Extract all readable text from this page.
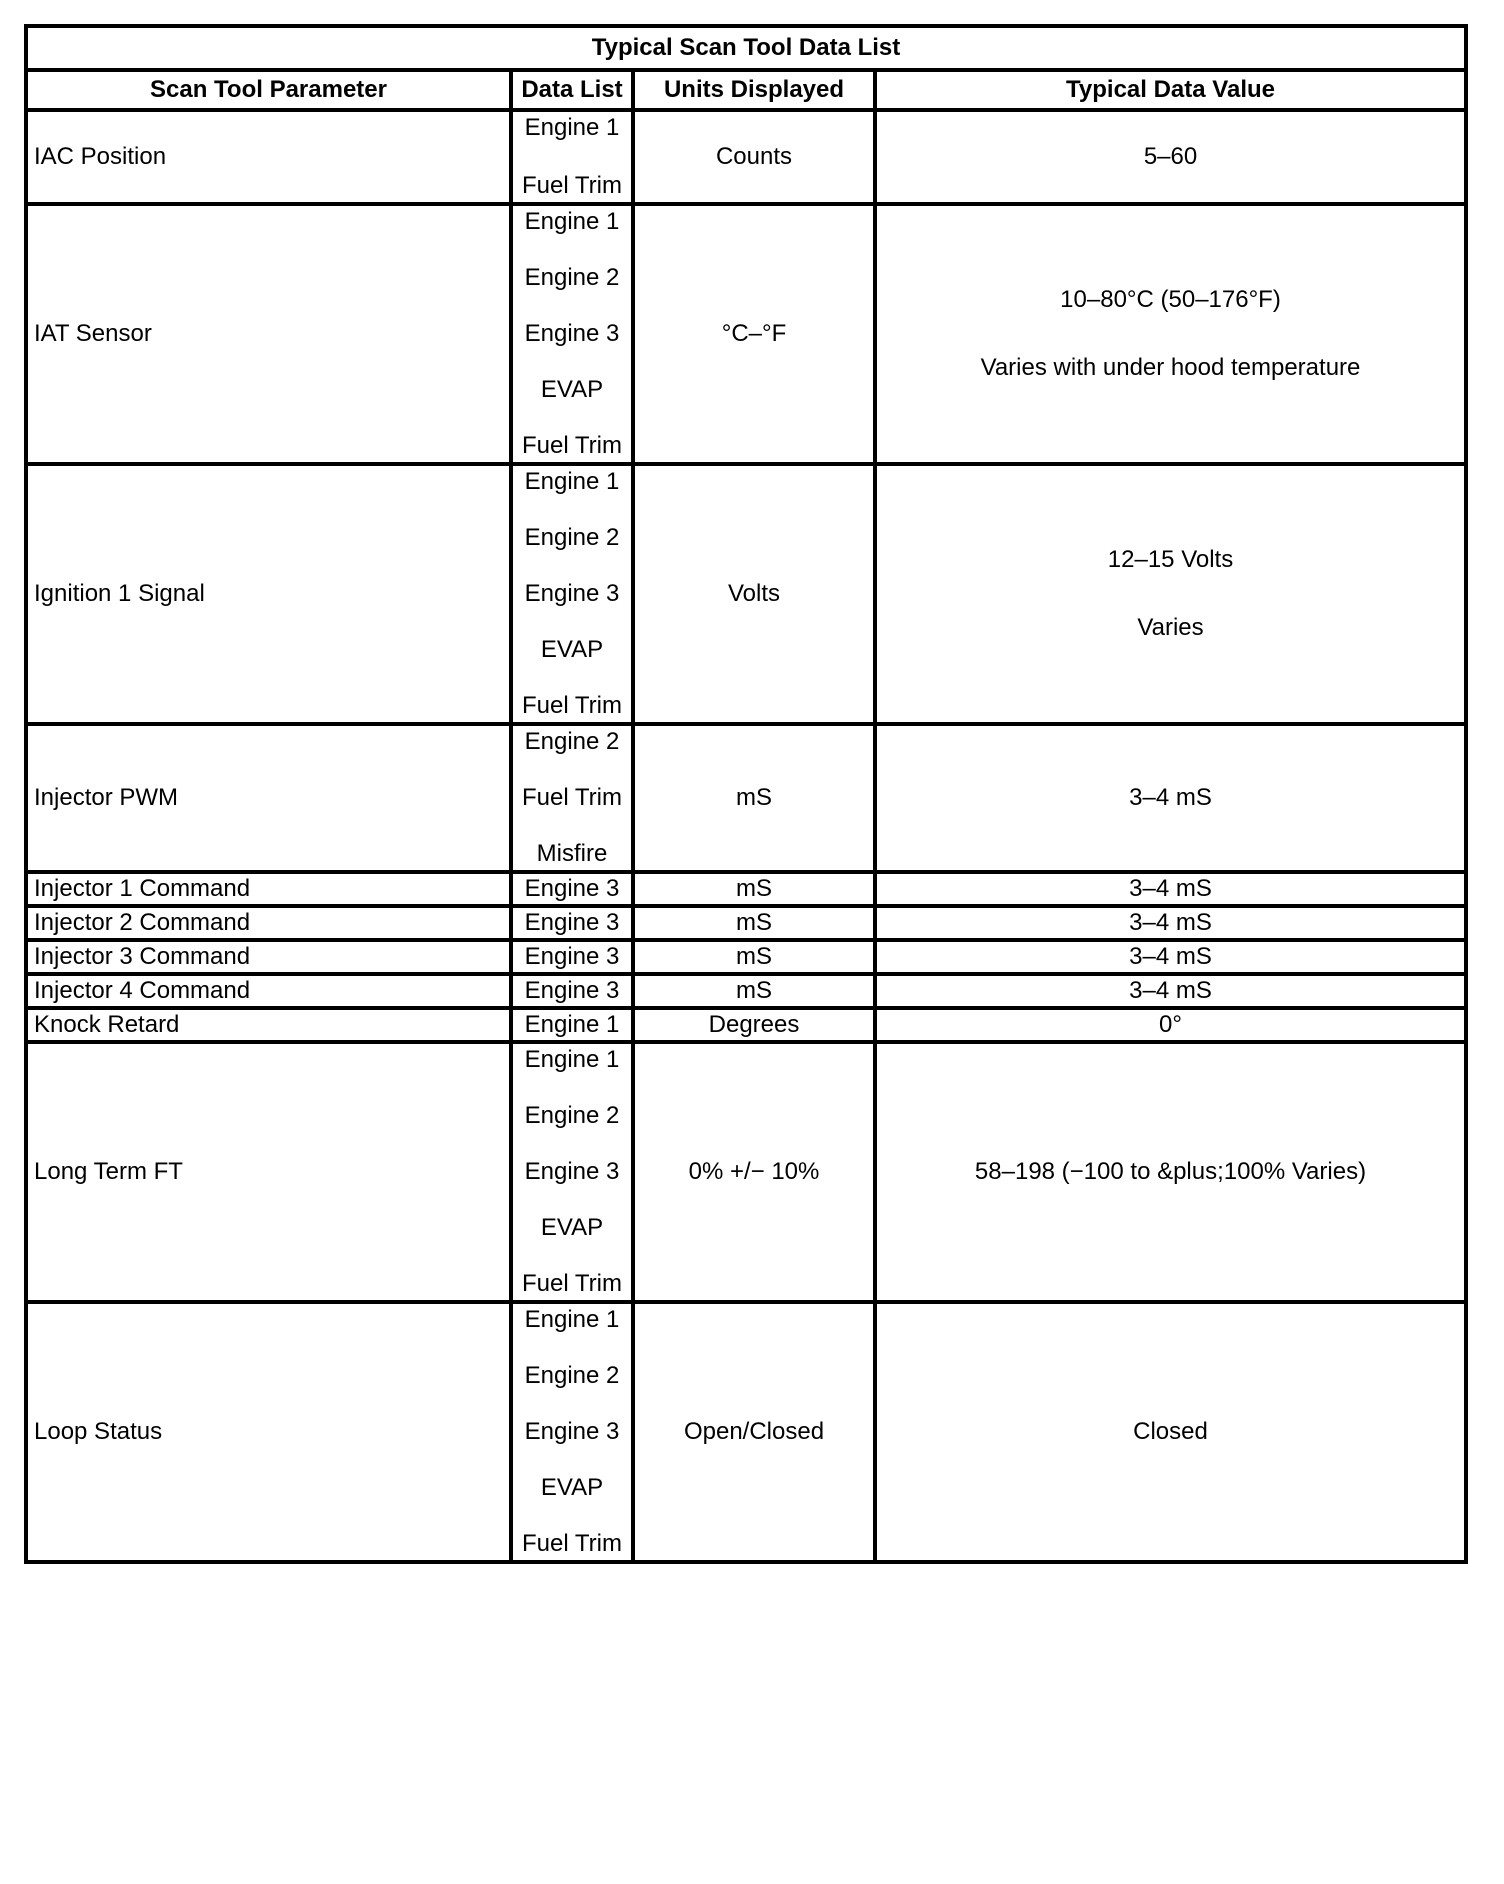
Typical Scan Tool Data List			
Scan Tool Parameter	Data List	Units Displayed	Typical Data Value
IAC Position	Engine 1
Fuel Trim	Counts	5–60

IAT Sensor	Engine 1
Engine 2
Engine 3
EVAP
Fuel Trim	°C–°F	10–80°C (50–176°F)
Varies with under hood temperature

Ignition 1 Signal	Engine 1
Engine 2
Engine 3
EVAP
Fuel Trim	Volts	12–15 Volts
Varies

Injector PWM	Engine 2
Fuel Trim
Misfire	mS	3–4 mS

Injector 1 Command	Engine 3	mS	3–4 mS

Injector 2 Command	Engine 3	mS	3–4 mS

Injector 3 Command	Engine 3	mS	3–4 mS

Injector 4 Command	Engine 3	mS	3–4 mS

Knock Retard	Engine 1	Degrees	0°

Long Term FT	Engine 1
Engine 2
Engine 3
EVAP
Fuel Trim	0% +/− 10%	58–198 (−100 to &plus;100% Varies)

Loop Status	Engine 1
Engine 2
Engine 3
EVAP
Fuel Trim	Open/Closed	Closed
